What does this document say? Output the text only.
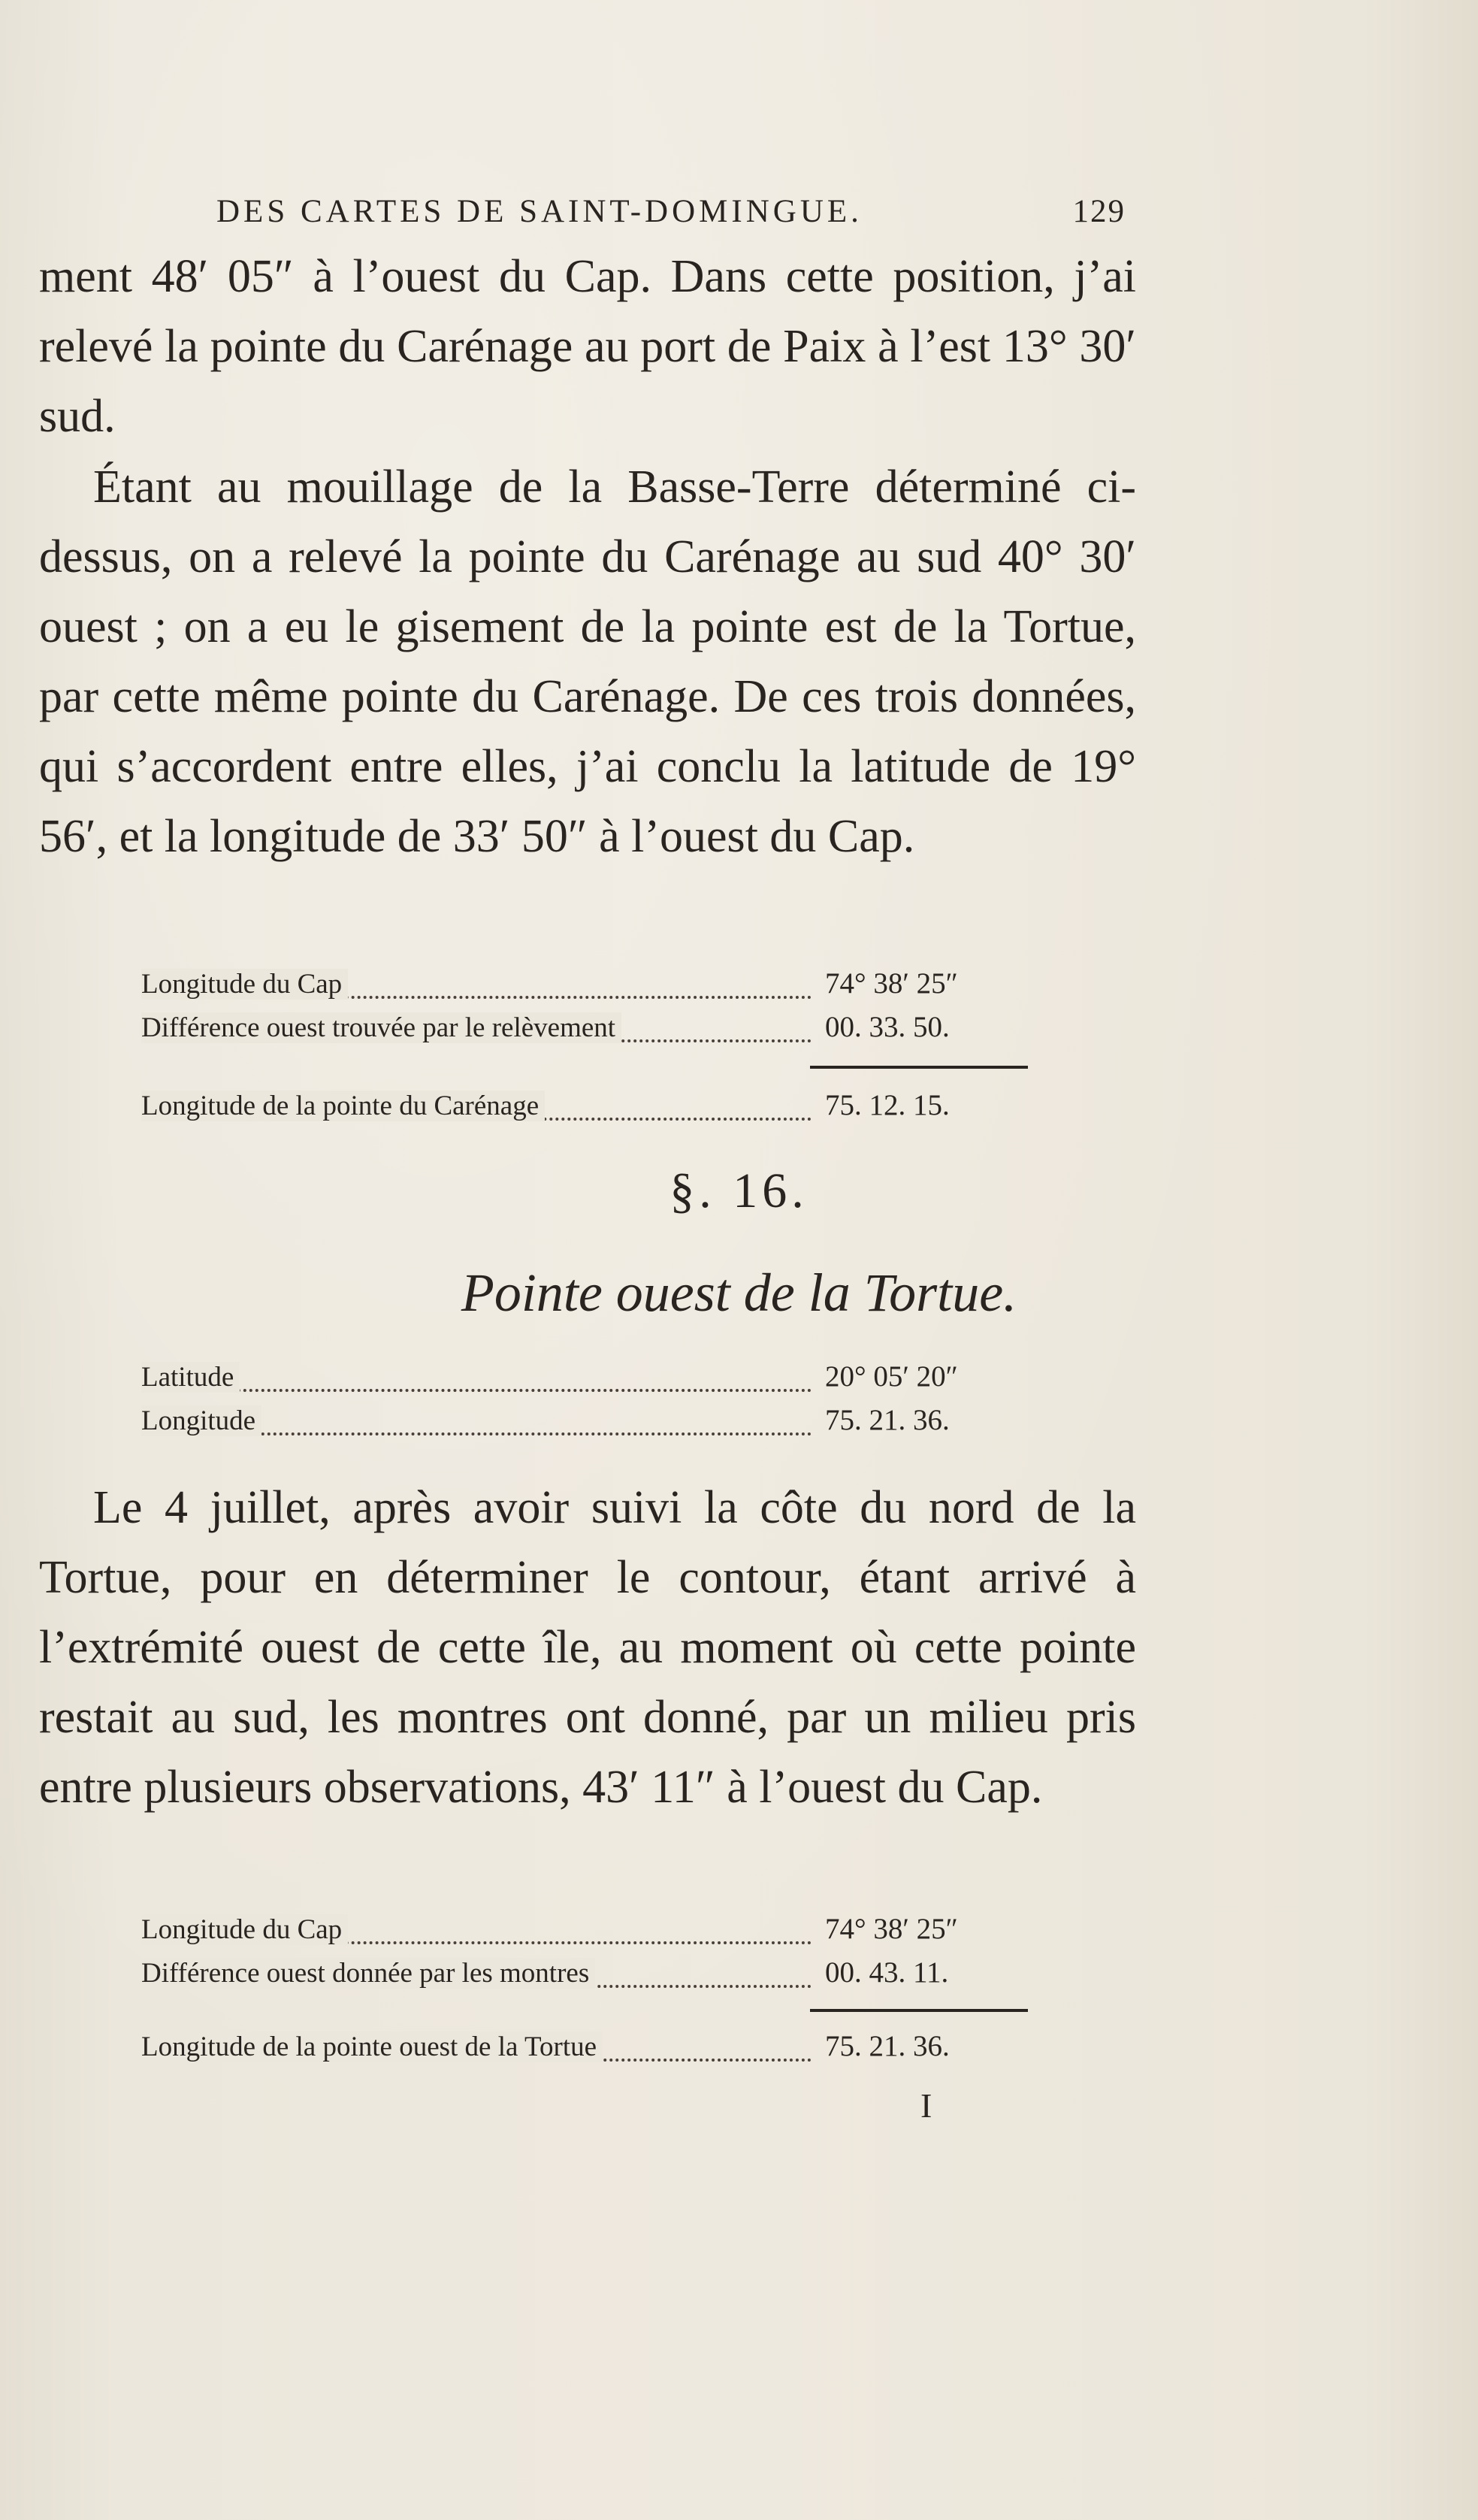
DES CARTES DE SAINT-DOMINGUE.	129

ment 48′ 05″ à l’ouest du Cap. Dans cette position, j’ai relevé la pointe du Carénage au port de Paix à l’est 13° 30′ sud.

Étant au mouillage de la Basse-Terre déterminé ci-dessus, on a relevé la pointe du Carénage au sud 40° 30′ ouest ; on a eu le gisement de la pointe est de la Tortue, par cette même pointe du Carénage. De ces trois données, qui s’accordent entre elles, j’ai conclu la latitude de 19° 56′, et la longitude de 33′ 50″ à l’ouest du Cap.

Longitude du Cap	74° 38′ 25″
Différence ouest trouvée par le relèvement	00. 33. 50.
Longitude de la pointe du Carénage	75. 12. 15.
§. 16.
Pointe ouest de la Tortue.
Latitude	20° 05′ 20″
Longitude	75. 21. 36.

Le 4 juillet, après avoir suivi la côte du nord de la Tortue, pour en déterminer le contour, étant arrivé à l’extrémité ouest de cette île, au moment où cette pointe restait au sud, les montres ont donné, par un milieu pris entre plusieurs observations, 43′ 11″ à l’ouest du Cap.

Longitude du Cap	74° 38′ 25″
Différence ouest donnée par les montres	00. 43. 11.
Longitude de la pointe ouest de la Tortue	75. 21. 36.
I
